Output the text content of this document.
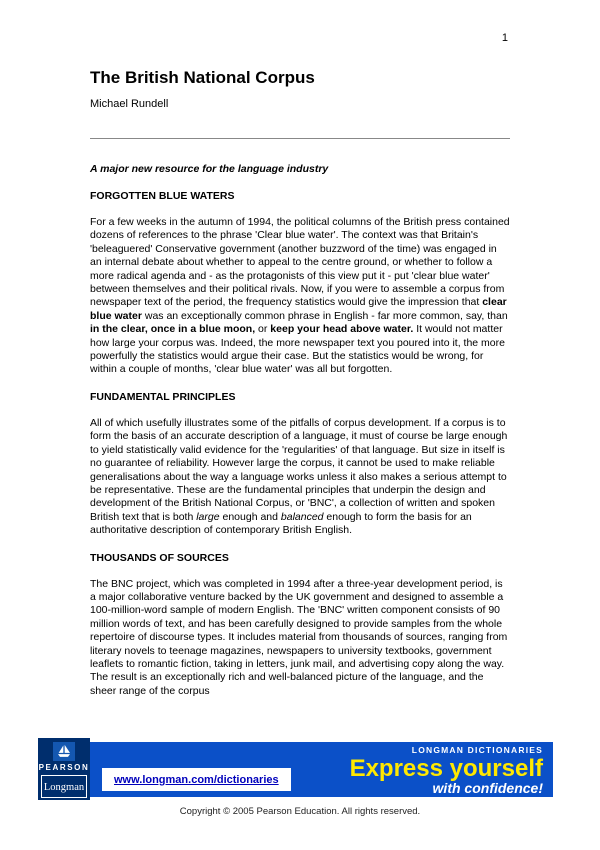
1
The British National Corpus
Michael Rundell
A major new resource for the language industry
FORGOTTEN BLUE WATERS

For a few weeks in the autumn of 1994, the political columns of the British press contained dozens of references to the phrase 'Clear blue water'. The context was that Britain's 'beleaguered' Conservative government (another buzzword of the time) was engaged in an internal debate about whether to appeal to the centre ground, or whether to follow a more radical agenda and - as the protagonists of this view put it - put 'clear blue water' between themselves and their political rivals. Now, if you were to assemble a corpus from newspaper text of the period, the frequency statistics would give the impression that clear blue water was an exceptionally common phrase in English - far more common, say, than in the clear, once in a blue moon, or keep your head above water. It would not matter how large your corpus was. Indeed, the more newspaper text you poured into it, the more powerfully the statistics would argue their case. But the statistics would be wrong, for within a couple of months, 'clear blue water' was all but forgotten.

FUNDAMENTAL PRINCIPLES

All of which usefully illustrates some of the pitfalls of corpus development. If a corpus is to form the basis of an accurate description of a language, it must of course be large enough to yield statistically valid evidence for the 'regularities' of that language. But size in itself is no guarantee of reliability. However large the corpus, it cannot be used to make reliable generalisations about the way a language works unless it also makes a serious attempt to be representative. These are the fundamental principles that underpin the design and development of the British National Corpus, or 'BNC', a collection of written and spoken British text that is both large enough and balanced enough to form the basis for an authoritative description of contemporary British English.

THOUSANDS OF SOURCES

The BNC project, which was completed in 1994 after a three-year development period, is a major collaborative venture backed by the UK government and designed to assemble a 100-million-word sample of modern English. The 'BNC' written component consists of 90 million words of text, and has been carefully designed to provide samples from the whole repertoire of discourse types. It includes material from thousands of sources, ranging from literary novels to teenage magazines, newspapers to university textbooks, government leaflets to romantic fiction, taking in letters, junk mail, and advertising copy along the way. The result is an exceptionally rich and well-balanced picture of the language, and the sheer range of the corpus

PEARSON
Longman
LONGMAN DICTIONARIES
Express yourself
with confidence!
www.longman.com/dictionaries
Copyright © 2005 Pearson Education. All rights reserved.
